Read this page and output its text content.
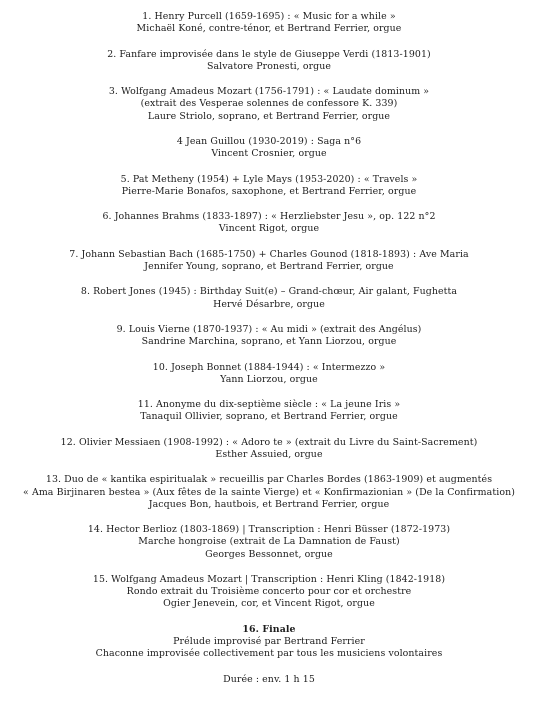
1. Henry Purcell (1659-1695) : « Music for a while »
Michaël Koné, contre-ténor, et Bertrand Ferrier, orgue
2. Fanfare improvisée dans le style de Giuseppe Verdi (1813-1901)
Salvatore Pronesti, orgue
3. Wolfgang Amadeus Mozart (1756-1791) : « Laudate dominum »
(extrait des Vesperae solennes de confessore K. 339)
Laure Striolo, soprano, et Bertrand Ferrier, orgue
4 Jean Guillou (1930-2019) : Saga n°6
Vincent Crosnier, orgue
5. Pat Metheny (1954) + Lyle Mays (1953-2020) : « Travels »
Pierre-Marie Bonafos, saxophone, et Bertrand Ferrier, orgue
6. Johannes Brahms (1833-1897) : « Herzliebster Jesu », op. 122 n°2
Vincent Rigot, orgue
7. Johann Sebastian Bach (1685-1750) + Charles Gounod (1818-1893) : Ave Maria
Jennifer Young, soprano, et Bertrand Ferrier, orgue
8. Robert Jones (1945) : Birthday Suit(e) – Grand-chœur, Air galant, Fughetta
Hervé Désarbre, orgue
9. Louis Vierne (1870-1937) : « Au midi » (extrait des Angélus)
Sandrine Marchina, soprano, et Yann Liorzou, orgue
10. Joseph Bonnet (1884-1944) : « Intermezzo »
Yann Liorzou, orgue
11. Anonyme du dix-septième siècle : « La jeune Iris »
Tanaquil Ollivier, soprano, et Bertrand Ferrier, orgue
12. Olivier Messiaen (1908-1992) : « Adoro te » (extrait du Livre du Saint-Sacrement)
Esther Assuied, orgue
13. Duo de « kantika espiritualak » recueillis par Charles Bordes (1863-1909) et augmentés
« Ama Birjinaren bestea » (Aux fêtes de la sainte Vierge) et « Konfirmazionian » (De la Confirmation)
Jacques Bon, hautbois, et Bertrand Ferrier, orgue
14. Hector Berlioz (1803-1869) | Transcription : Henri Büsser (1872-1973)
Marche hongroise (extrait de La Damnation de Faust)
Georges Bessonnet, orgue
15. Wolfgang Amadeus Mozart | Transcription : Henri Kling (1842-1918)
Rondo extrait du Troisième concerto pour cor et orchestre
Ogier Jenevein, cor, et Vincent Rigot, orgue
16. Finale
Prélude improvisé par Bertrand Ferrier
Chaconne improvisée collectivement par tous les musiciens volontaires
Durée : env. 1 h 15
